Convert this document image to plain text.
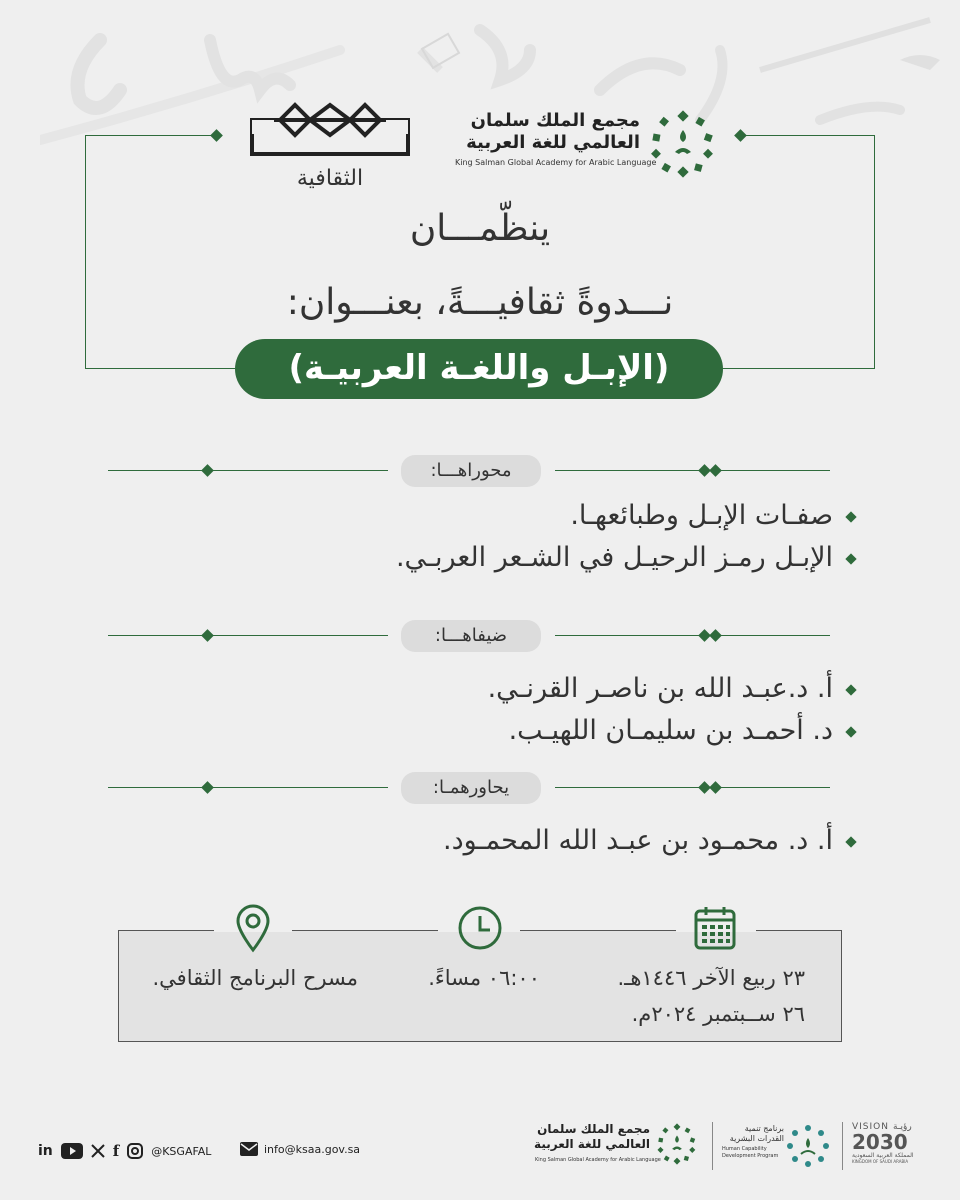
الثقافية
مجمع الملك سلمان
العالمي للغة العربية
King Salman Global Academy for Arabic Language
ينظّمـــان
نـــدوةً ثقافيـــةً، بعنـــوان:
(الإبـل واللغـة العربيـة)
محوراهـــا:
صفـات الإبـل وطبائعهـا.
الإبـل رمـز الرحيـل في الشـعر العربـي.
ضيفاهـــا:
أ. د.عبـد الله بن ناصـر القرنـي.
د. أحمـد بن سليمـان اللهيـب.
يحاورهمـا:
أ. د. محمـود بن عبـد الله المحمـود.
٢٣ ربيع الآخر ١٤٤٦هـ.
٢٦ ســبتمبر ٢٠٢٤م.
٠٦:٠٠ مساءً.
مسرح البرنامج الثقافي.
in	f	@KSGAFAL	info@ksaa.gov.sa
مجمع الملك سلمان
العالمي للغة العربية
King Salman Global Academy for Arabic Language
برنامج تنمية
القدرات البشرية
Human Capability
Development Program
VISION رؤيـة
2030
المملكة العربية السعودية
KINGDOM OF SAUDI ARABIA
